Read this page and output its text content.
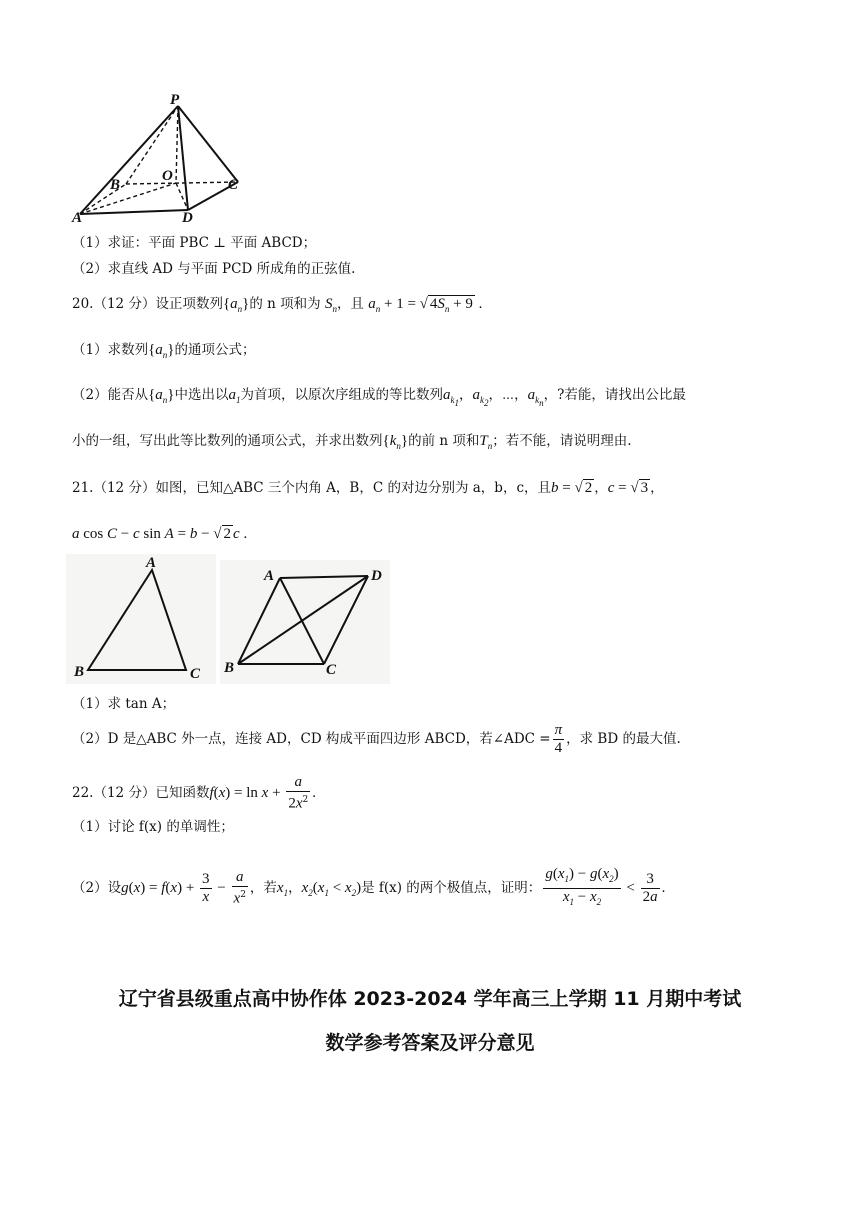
P
B
O
C
A	D
（1）求证：平面 PBC ⊥ 平面 ABCD；
（2）求直线 AD 与平面 PCD 所成角的正弦值.
20.（12 分）设正项数列$\{a_n\}$的 n 项和为 $S_n$，且 $a_n + 1$ = √ $4S_n + 9$ .
（1）求数列$\{a_n\}$的通项公式；
（2）能否从$\{a_n\}$中选出以$a_1$为首项，以原次序组成的等比数列$a_{k_1}$，$a_{k_2}$，⋯，$a_{k_n}$，?若能，请找出公比最
小的一组，写出此等比数列的通项公式，并求出数列$\{k_n\}$的前 n 项和$T_n$；若不能，请说明理由.
21.（12 分）如图，已知△ABC 三个内角 A，B，C 的对边分别为 a，b，c，且b = √ 2 ，c = √ 3 ，
a cos C − c sin A = b − √ 2 c .
A
B	C
A	D
B	C
（1）求 tan A；
（2）D 是△ABC 外一点，连接 AD，CD 构成平面四边形 ABCD，若∠ADC = $\frac{\pi}{4}$ ，求 BD 的最大值.
22.（12 分）已知函数$f(x) = \ln x + \frac{a}{2x^2}$ .
（1）讨论 f(x) 的单调性；
（2）设$g(x) = f(x) + \frac{3}{x} - \frac{a}{x^2}$ ，若$x_1$，$x_2(x_1 < x_2)$是 f(x) 的两个极值点，证明： $\frac{g(x_1) - g(x_2)}{x_1 - x_2} < \frac{3}{2a}$ .
辽宁省县级重点高中协作体 2023-2024 学年高三上学期 11 月期中考试
数学参考答案及评分意见
